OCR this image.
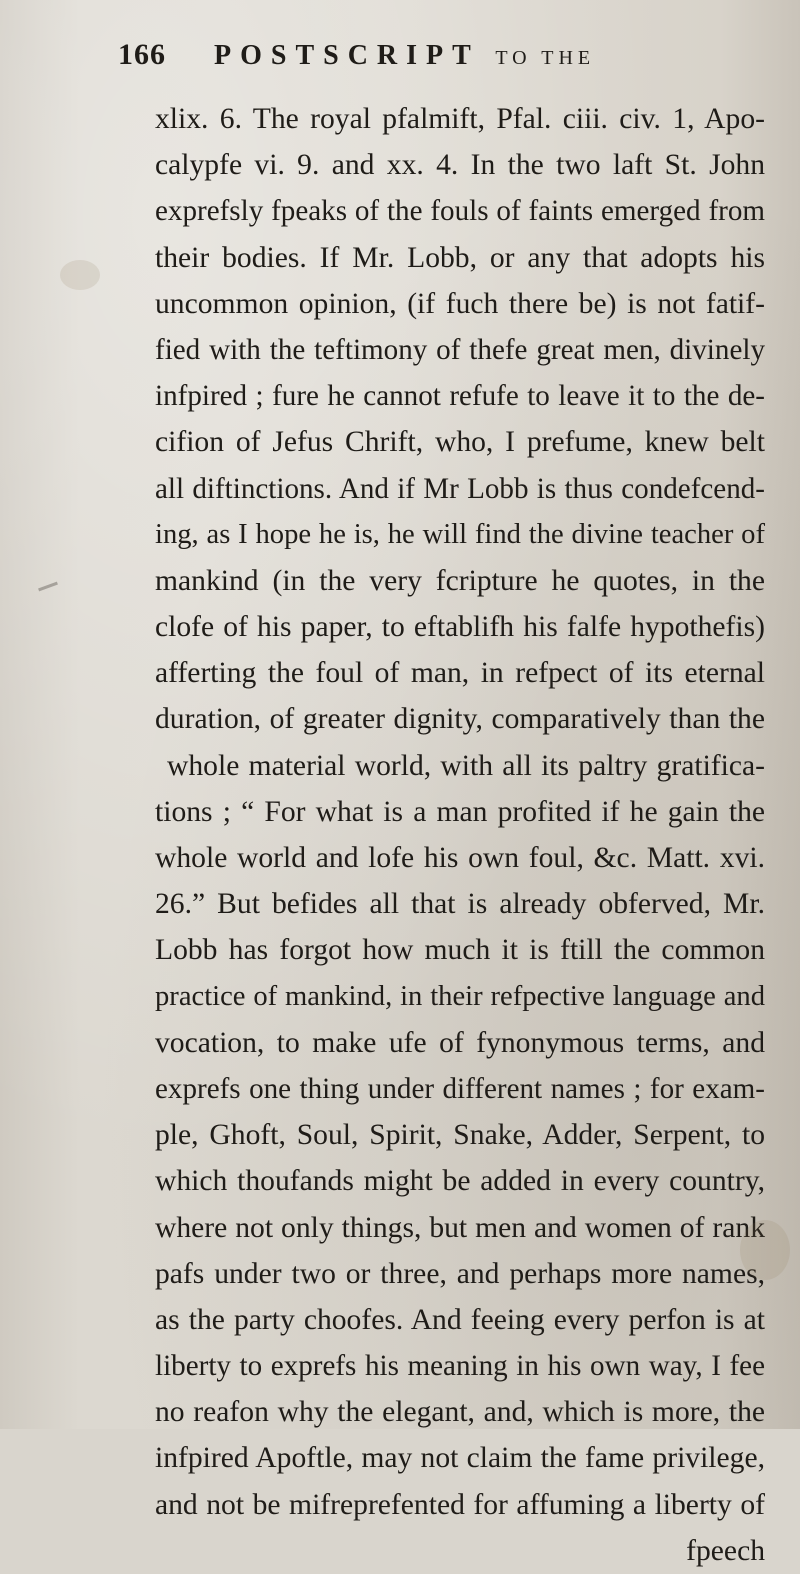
166 POSTSCRIPT TO THE
xlix. 6. The royal pfalmift, Pfal. ciii. civ. 1, Apo-
calypfe vi. 9. and xx. 4. In the two laft St. John
exprefsly fpeaks of the fouls of faints emerged from
their bodies. If Mr. Lobb, or any that adopts his
uncommon opinion, (if fuch there be) is not fatif-
fied with the teftimony of thefe great men, divinely
infpired ; fure he cannot refufe to leave it to the de-
cifion of Jefus Chrift, who, I prefume, knew belt
all diftinctions. And if Mr Lobb is thus condefcend-
ing, as I hope he is, he will find the divine teacher of
mankind (in the very fcripture he quotes, in the
clofe of his paper, to eftablifh his falfe hypothefis)
afferting the foul of man, in refpect of its eternal
duration, of greater dignity, comparatively than the
whole material world, with all its paltry gratifica-
tions ; “ For what is a man profited if he gain the
whole world and lofe his own foul, &c. Matt. xvi.
26.” But befides all that is already obferved, Mr.
Lobb has forgot how much it is ftill the common
practice of mankind, in their refpective language and
vocation, to make ufe of fynonymous terms, and
exprefs one thing under different names ; for exam-
ple, Ghoft, Soul, Spirit, Snake, Adder, Serpent, to
which thoufands might be added in every country,
where not only things, but men and women of rank
pafs under two or three, and perhaps more names,
as the party choofes. And feeing every perfon is at
liberty to exprefs his meaning in his own way, I fee
no reafon why the elegant, and, which is more, the
infpired Apoftle, may not claim the fame privilege,
and not be mifreprefented for affuming a liberty of
fpeech
